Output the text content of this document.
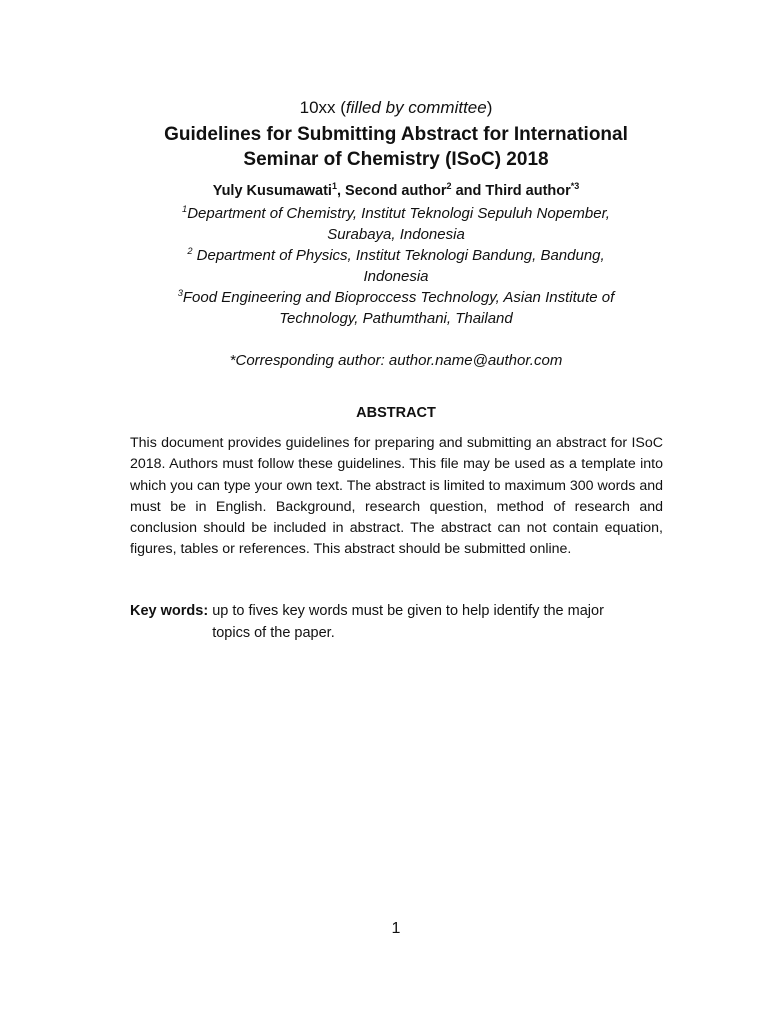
10xx (filled by committee)
Guidelines for Submitting Abstract for International
Seminar of Chemistry (ISoC) 2018
Yuly Kusumawati$^1$, Second author$^2$ and Third author$^{*3}$
$^1$Department of Chemistry, Institut Teknologi Sepuluh Nopember,
Surabaya, Indonesia
$^2$ Department of Physics, Institut Teknologi Bandung, Bandung,
Indonesia
$^3$Food Engineering and Bioproccess Technology, Asian Institute of
Technology, Pathumthani, Thailand
*Corresponding author: author.name@author.com
ABSTRACT
This document provides guidelines for preparing and submitting an abstract for ISoC 2018. Authors must follow these guidelines. This file may be used as a template into which you can type your own text. The abstract is limited to maximum 300 words and must be in English. Background, research question, method of research and conclusion should be included in abstract. The abstract can not contain equation, figures, tables or references. This abstract should be submitted online.
Key words:
up to fives key words must be given to help identify the major topics of the paper.
1
